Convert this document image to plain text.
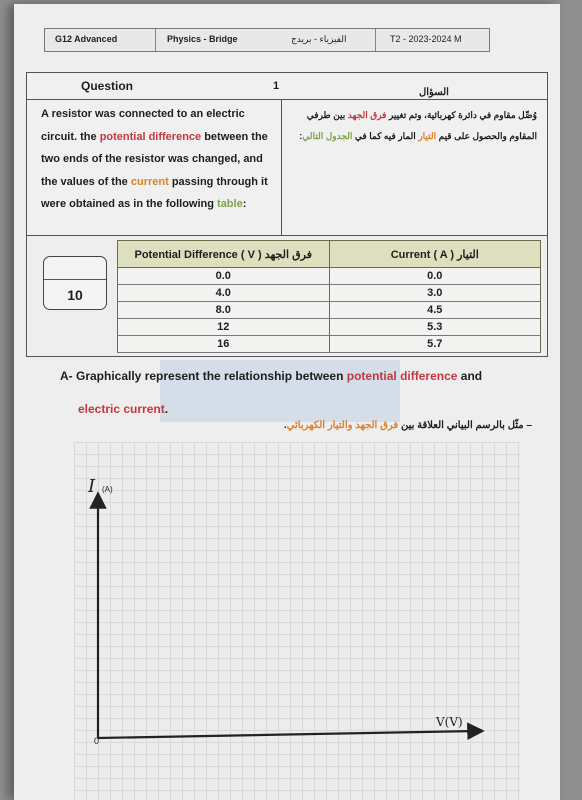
G12 Advanced	Physics - Bridge	الفيزياء - بريدج	T2 - 2023-2024 M
Question	1
السؤال
A resistor was connected to an electric circuit. the potential difference between the two ends of the resistor was changed, and the values of the current passing through it were obtained as in the following table:
وُصِّل مقاوم في دائرة كهربائية، وتم تغيير فرق الجهد بين طرفي المقاوم والحصول على قيم التيار المار فيه كما في الجدول التالي:
10
Potential Difference ( V ) فرق الجهد	Current ( A ) التيار
0.0	0.0
4.0	3.0
8.0	4.5
12	5.3
16	5.7
A- Graphically represent the relationship between potential difference and
electric current.
– مثّل بالرسم البياني العلاقة بين فرق الجهد والتيار الكهربائي.
I (A)
V(V)
0
